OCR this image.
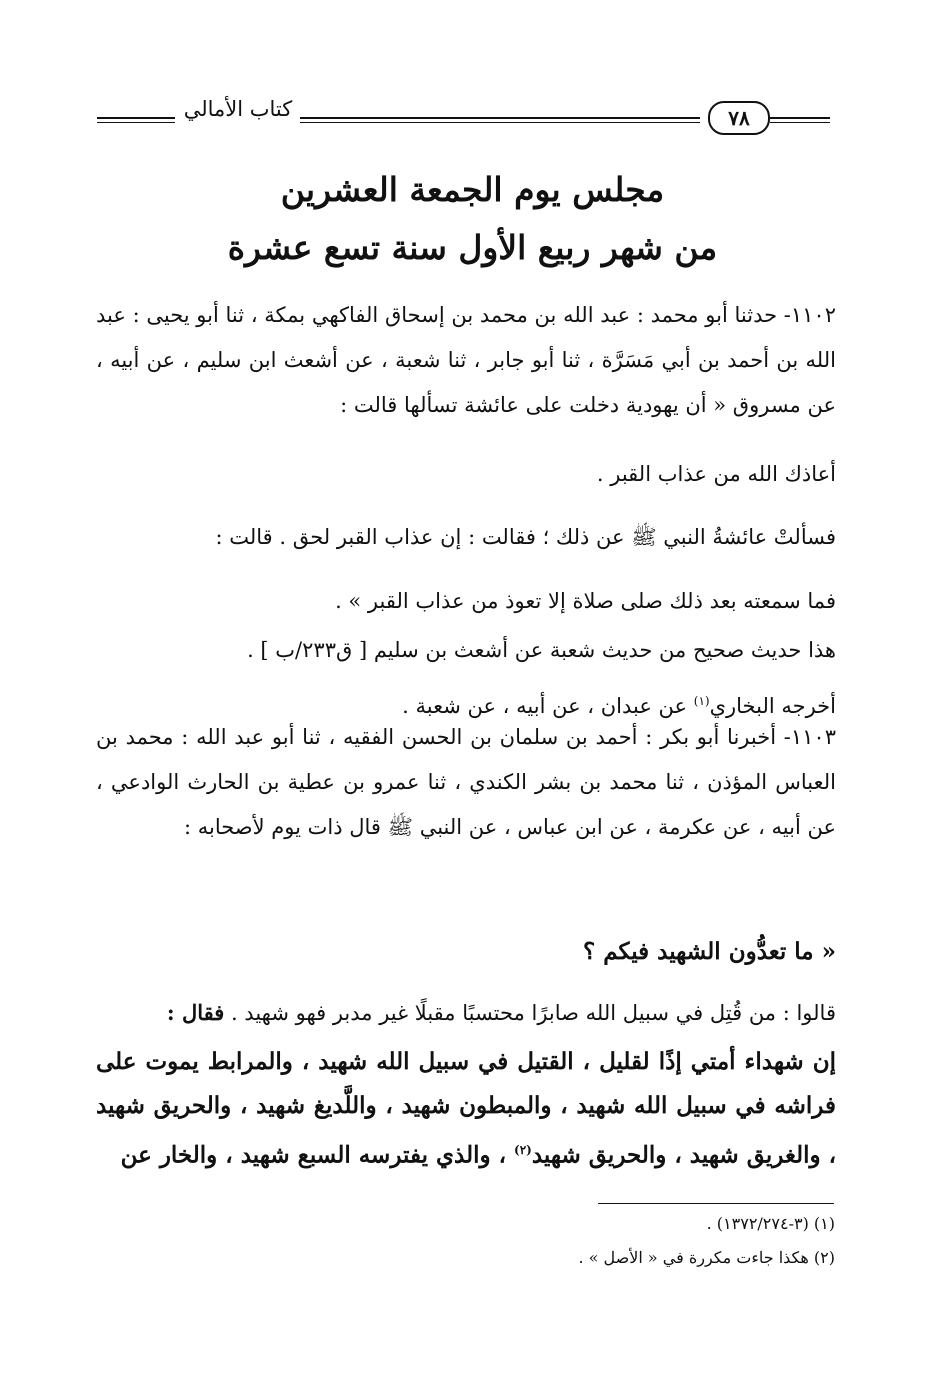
كتاب الأمالي	٧٨
مجلس يوم الجمعة العشرين
من شهر ربيع الأول سنة تسع عشرة
١١٠٢- حدثنا أبو محمد : عبد الله بن محمد بن إسحاق الفاكهي بمكة ، ثنا أبو يحيى : عبد الله بن أحمد بن أبي مَسَرَّة ، ثنا أبو جابر ، ثنا شعبة ، عن أشعث ابن سليم ، عن أبيه ، عن مسروق « أن يهودية دخلت على عائشة تسألها قالت :
أعاذك الله من عذاب القبر .
فسألتْ عائشةُ النبي ﷺ عن ذلك ؛ فقالت : إن عذاب القبر لحق . قالت :
فما سمعته بعد ذلك صلى صلاة إلا تعوذ من عذاب القبر » .
هذا حديث صحيح من حديث شعبة عن أشعث بن سليم [ ق٢٣٣/ب ] .
أخرجه البخاري$^{(١)}$ عن عبدان ، عن أبيه ، عن شعبة .
١١٠٣- أخبرنا أبو بكر : أحمد بن سلمان بن الحسن الفقيه ، ثنا أبو عبد الله : محمد بن العباس المؤذن ، ثنا محمد بن بشر الكندي ، ثنا عمرو بن عطية بن الحارث الوادعي ، عن أبيه ، عن عكرمة ، عن ابن عباس ، عن النبي ﷺ قال ذات يوم لأصحابه :
« ما تعدُّون الشهيد فيكم ؟
قالوا : من قُتِل في سبيل الله صابرًا محتسبًا مقبلًا غير مدبر فهو شهيد . فقال :
إن شهداء أمتي إذًا لقليل ، القتيل في سبيل الله شهيد ، والمرابط يموت على فراشه في سبيل الله شهيد ، والمبطون شهيد ، واللَّديغ شهيد ، والحريق شهيد ، والغريق شهيد ، والحريق شهيد$^{(٢)}$ ، والذي يفترسه السبع شهيد ، والخار عن
(١) (٣-١٣٧٢/٢٧٤) .
(٢) هكذا جاءت مكررة في « الأصل » .
